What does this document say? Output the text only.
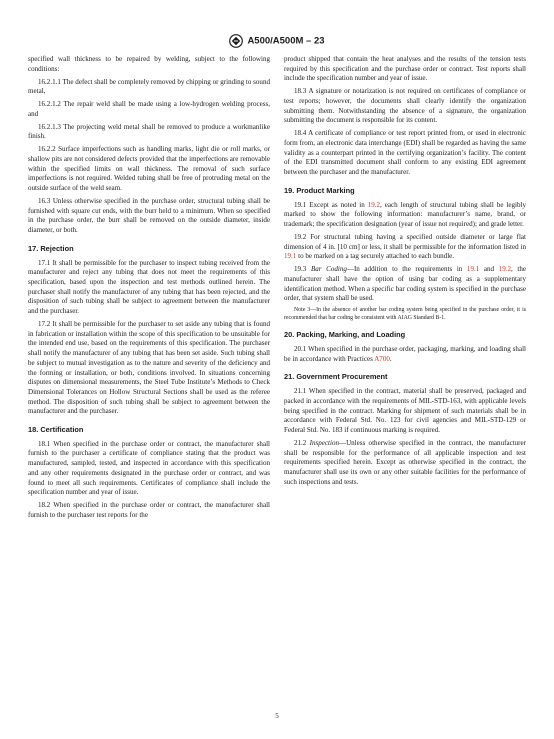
A500/A500M – 23

specified wall thickness to be repaired by welding, subject to the following conditions:

16.2.1.1 The defect shall be completely removed by chipping or grinding to sound metal,

16.2.1.2 The repair weld shall be made using a low-hydrogen welding process, and

16.2.1.3 The projecting weld metal shall be removed to produce a workmanlike finish.

16.2.2 Surface imperfections such as handling marks, light die or roll marks, or shallow pits are not considered defects provided that the imperfections are removable within the specified limits on wall thickness. The removal of such surface imperfections is not required. Welded tubing shall be free of protruding metal on the outside surface of the weld seam.

16.3 Unless otherwise specified in the purchase order, structural tubing shall be furnished with square cut ends, with the burr held to a minimum. When so specified in the purchase order, the burr shall be removed on the outside diameter, inside diameter, or both.

17. Rejection

17.1 It shall be permissible for the purchaser to inspect tubing received from the manufacturer and reject any tubing that does not meet the requirements of this specification, based upon the inspection and test methods outlined herein. The purchaser shall notify the manufacturer of any tubing that has been rejected, and the disposition of such tubing shall be subject to agreement between the manufacturer and the purchaser.

17.2 It shall be permissible for the purchaser to set aside any tubing that is found in fabrication or installation within the scope of this specification to be unsuitable for the intended end use, based on the requirements of this specification. The purchaser shall notify the manufacturer of any tubing that has been set aside. Such tubing shall be subject to mutual investigation as to the nature and severity of the deficiency and the forming or installation, or both, conditions involved. In situations concerning disputes on dimensional measurements, the Steel Tube Institute’s Methods to Check Dimensional Tolerances on Hollow Structural Sections shall be used as the referee method. The disposition of such tubing shall be subject to agreement between the manufacturer and the purchaser.

18. Certification

18.1 When specified in the purchase order or contract, the manufacturer shall furnish to the purchaser a certificate of compliance stating that the product was manufactured, sampled, tested, and inspected in accordance with this specification and any other requirements designated in the purchase order or contract, and was found to meet all such requirements. Certificates of compliance shall include the specification number and year of issue.

18.2 When specified in the purchase order or contract, the manufacturer shall furnish to the purchaser test reports for the

product shipped that contain the heat analyses and the results of the tension tests required by this specification and the purchase order or contract. Test reports shall include the specification number and year of issue.

18.3 A signature or notarization is not required on certificates of compliance or test reports; however, the documents shall clearly identify the organization submitting them. Notwithstanding the absence of a signature, the organization submitting the document is responsible for its content.

18.4 A certificate of compliance or test report printed from, or used in electronic form from, an electronic data interchange (EDI) shall be regarded as having the same validity as a counterpart printed in the certifying organization’s facility. The content of the EDI transmitted document shall conform to any existing EDI agreement between the purchaser and the manufacturer.

19. Product Marking

19.1 Except as noted in 19.2, each length of structural tubing shall be legibly marked to show the following information: manufacturer’s name, brand, or trademark; the specification designation (year of issue not required); and grade letter.

19.2 For structural tubing having a specified outside diameter or large flat dimension of 4 in. [10 cm] or less, it shall be permissible for the information listed in 19.1 to be marked on a tag securely attached to each bundle.

19.3 Bar Coding—In addition to the requirements in 19.1 and 19.2, the manufacturer shall have the option of using bar coding as a supplementary identification method. When a specific bar coding system is specified in the purchase order, that system shall be used.

Note 3—In the absence of another bar coding system being specified in the purchase order, it is recommended that bar coding be consistent with AIAG Standard B-1.

20. Packing, Marking, and Loading

20.1 When specified in the purchase order, packaging, marking, and loading shall be in accordance with Practices A700.

21. Government Procurement

21.1 When specified in the contract, material shall be preserved, packaged and packed in accordance with the requirements of MIL-STD-163, with applicable levels being specified in the contract. Marking for shipment of such materials shall be in accordance with Federal Std. No. 123 for civil agencies and MIL-STD-129 or Federal Std. No. 183 if continuous marking is required.

21.2 Inspection—Unless otherwise specified in the contract, the manufacturer shall be responsible for the performance of all applicable inspection and test requirements specified herein. Except as otherwise specified in the contract, the manufacturer shall use its own or any other suitable facilities for the performance of such inspections and tests.

5
